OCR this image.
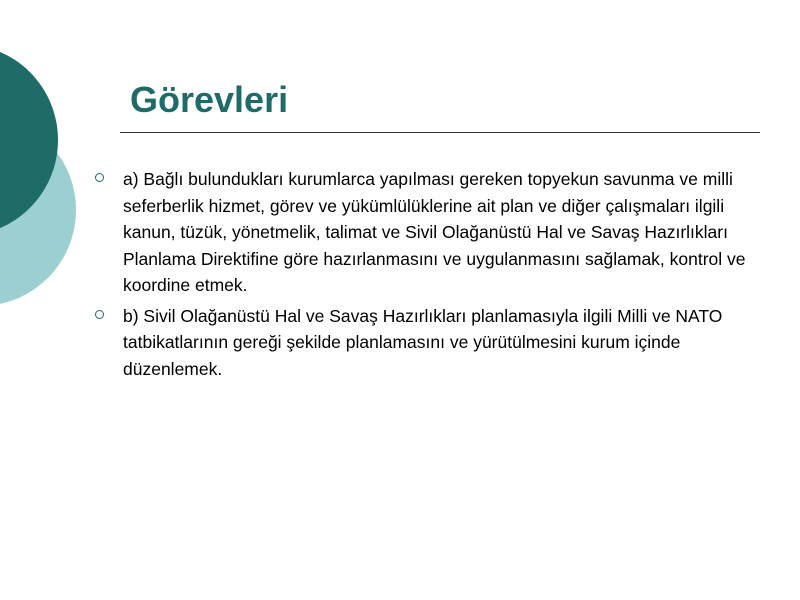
Görevleri
a) Bağlı bulundukları kurumlarca yapılması gereken topyekun savunma ve milli seferberlik hizmet, görev ve yükümlülüklerine ait plan ve diğer çalışmaları ilgili kanun, tüzük, yönetmelik, talimat ve Sivil Olağanüstü Hal ve Savaş Hazırlıkları Planlama Direktifine göre hazırlanmasını ve uygulanmasını sağlamak, kontrol ve koordine etmek.
b) Sivil Olağanüstü Hal ve Savaş Hazırlıkları planlamasıyla ilgili Milli ve NATO tatbikatlarının gereği şekilde planlamasını ve yürütülmesini kurum içinde düzenlemek.
